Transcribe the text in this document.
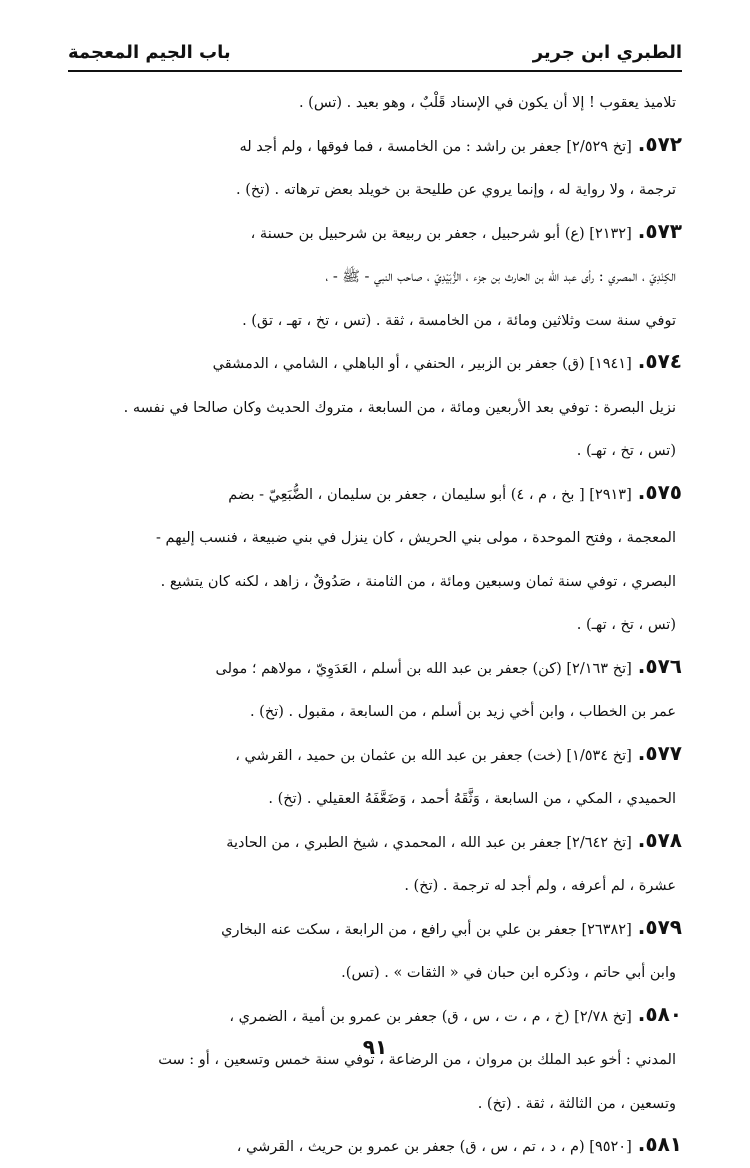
الطبري ابن جرير
باب الجيم المعجمة
تلاميذ يعقوب ! إلا أن يكون في الإسناد قَلْبٌ ، وهو بعيد . (تس) .
٥٧٢.[تخ ٢/٥٢٩] جعفر بن راشد : من الخامسة ، فما فوقها ، ولم أجد له
ترجمة ، ولا رواية له ، وإنما يروي عن طليحة بن خويلد بعض ترهاته . (تخ) .
٥٧٣.[٢١٣٢] (ع) أبو شرحبيل ، جعفر بن ربيعة بن شرحبيل بن حسنة ،
الكِنْدِيّ ، المصري : رأى عبد الله بن الحارث بن جزء ، الزُّبَيْدِيّ ، صاحب النبي - ﷺ - ،
توفي سنة ست وثلاثين ومائة ، من الخامسة ، ثقة . (تس ، تخ ، تهـ ، تق) .
٥٧٤.[١٩٤١] (ق) جعفر بن الزبير ، الحنفي ، أو الباهلي ، الشامي ، الدمشقي
نزيل البصرة : توفي بعد الأربعين ومائة ، من السابعة ، متروك الحديث وكان صالحا في نفسه .
(تس ، تخ ، تهـ) .
٥٧٥.[٢٩١٣] [ بخ ، م ، ٤) أبو سليمان ، جعفر بن سليمان ، الضُّبَعِيّ - بضم
المعجمة ، وفتح الموحدة ، مولى بني الحريش ، كان ينزل في بني ضبيعة ، فنسب إليهم -
البصري ، توفي سنة ثمان وسبعين ومائة ، من الثامنة ، صَدُوقٌ ، زاهد ، لكنه كان يتشيع .
(تس ، تخ ، تهـ) .
٥٧٦.[تخ ٢/١٦٣] (كن) جعفر بن عبد الله بن أسلم ، العَدَوِيّ ، مولاهم ؛ مولى
عمر بن الخطاب ، وابن أخي زيد بن أسلم ، من السابعة ، مقبول . (تخ) .
٥٧٧.[تخ ١/٥٣٤] (خت) جعفر بن عبد الله بن عثمان بن حميد ، القرشي ،
الحميدي ، المكي ، من السابعة ، وَثَّقَهُ أحمد ، وَضَعَّفَهُ العقيلي . (تخ) .
٥٧٨.[تخ ٢/٦٤٢] جعفر بن عبد الله ، المحمدي ، شيخ الطبري ، من الحادية
عشرة ، لم أعرفه ، ولم أجد له ترجمة . (تخ) .
٥٧٩.[٢٦٣٨٢] جعفر بن علي بن أبي رافع ، من الرابعة ، سكت عنه البخاري
وابن أبي حاتم ، وذكره ابن حبان في « الثقات » . (تس).
٥٨٠.[تخ ٢/٧٨] (خ ، م ، ت ، س ، ق) جعفر بن عمرو بن أمية ، الضمري ،
المدني : أخو عبد الملك بن مروان ، من الرضاعة ، توفي سنة خمس وتسعين ، أو : ست
وتسعين ، من الثالثة ، ثقة . (تخ) .
٥٨١.[٩٥٢٠] (م ، د ، تم ، س ، ق) جعفر بن عمرو بن حريث ، القرشي ،
٩١
